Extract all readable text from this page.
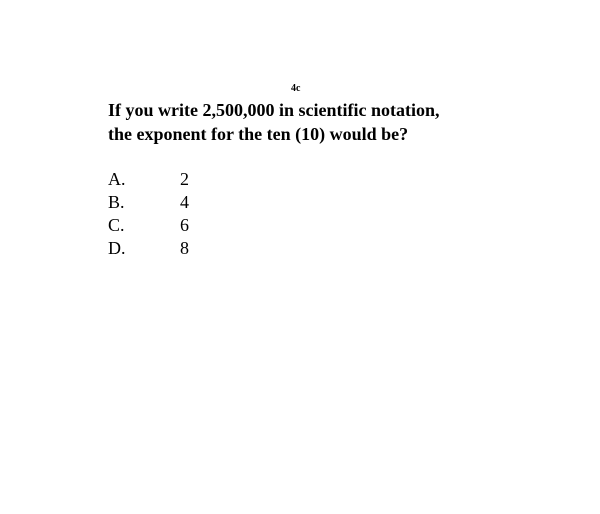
4c

If you write 2,500,000 in scientific notation,
the exponent for the ten (10) would be?

A.	2
B.	4
C.	6
D.	8
